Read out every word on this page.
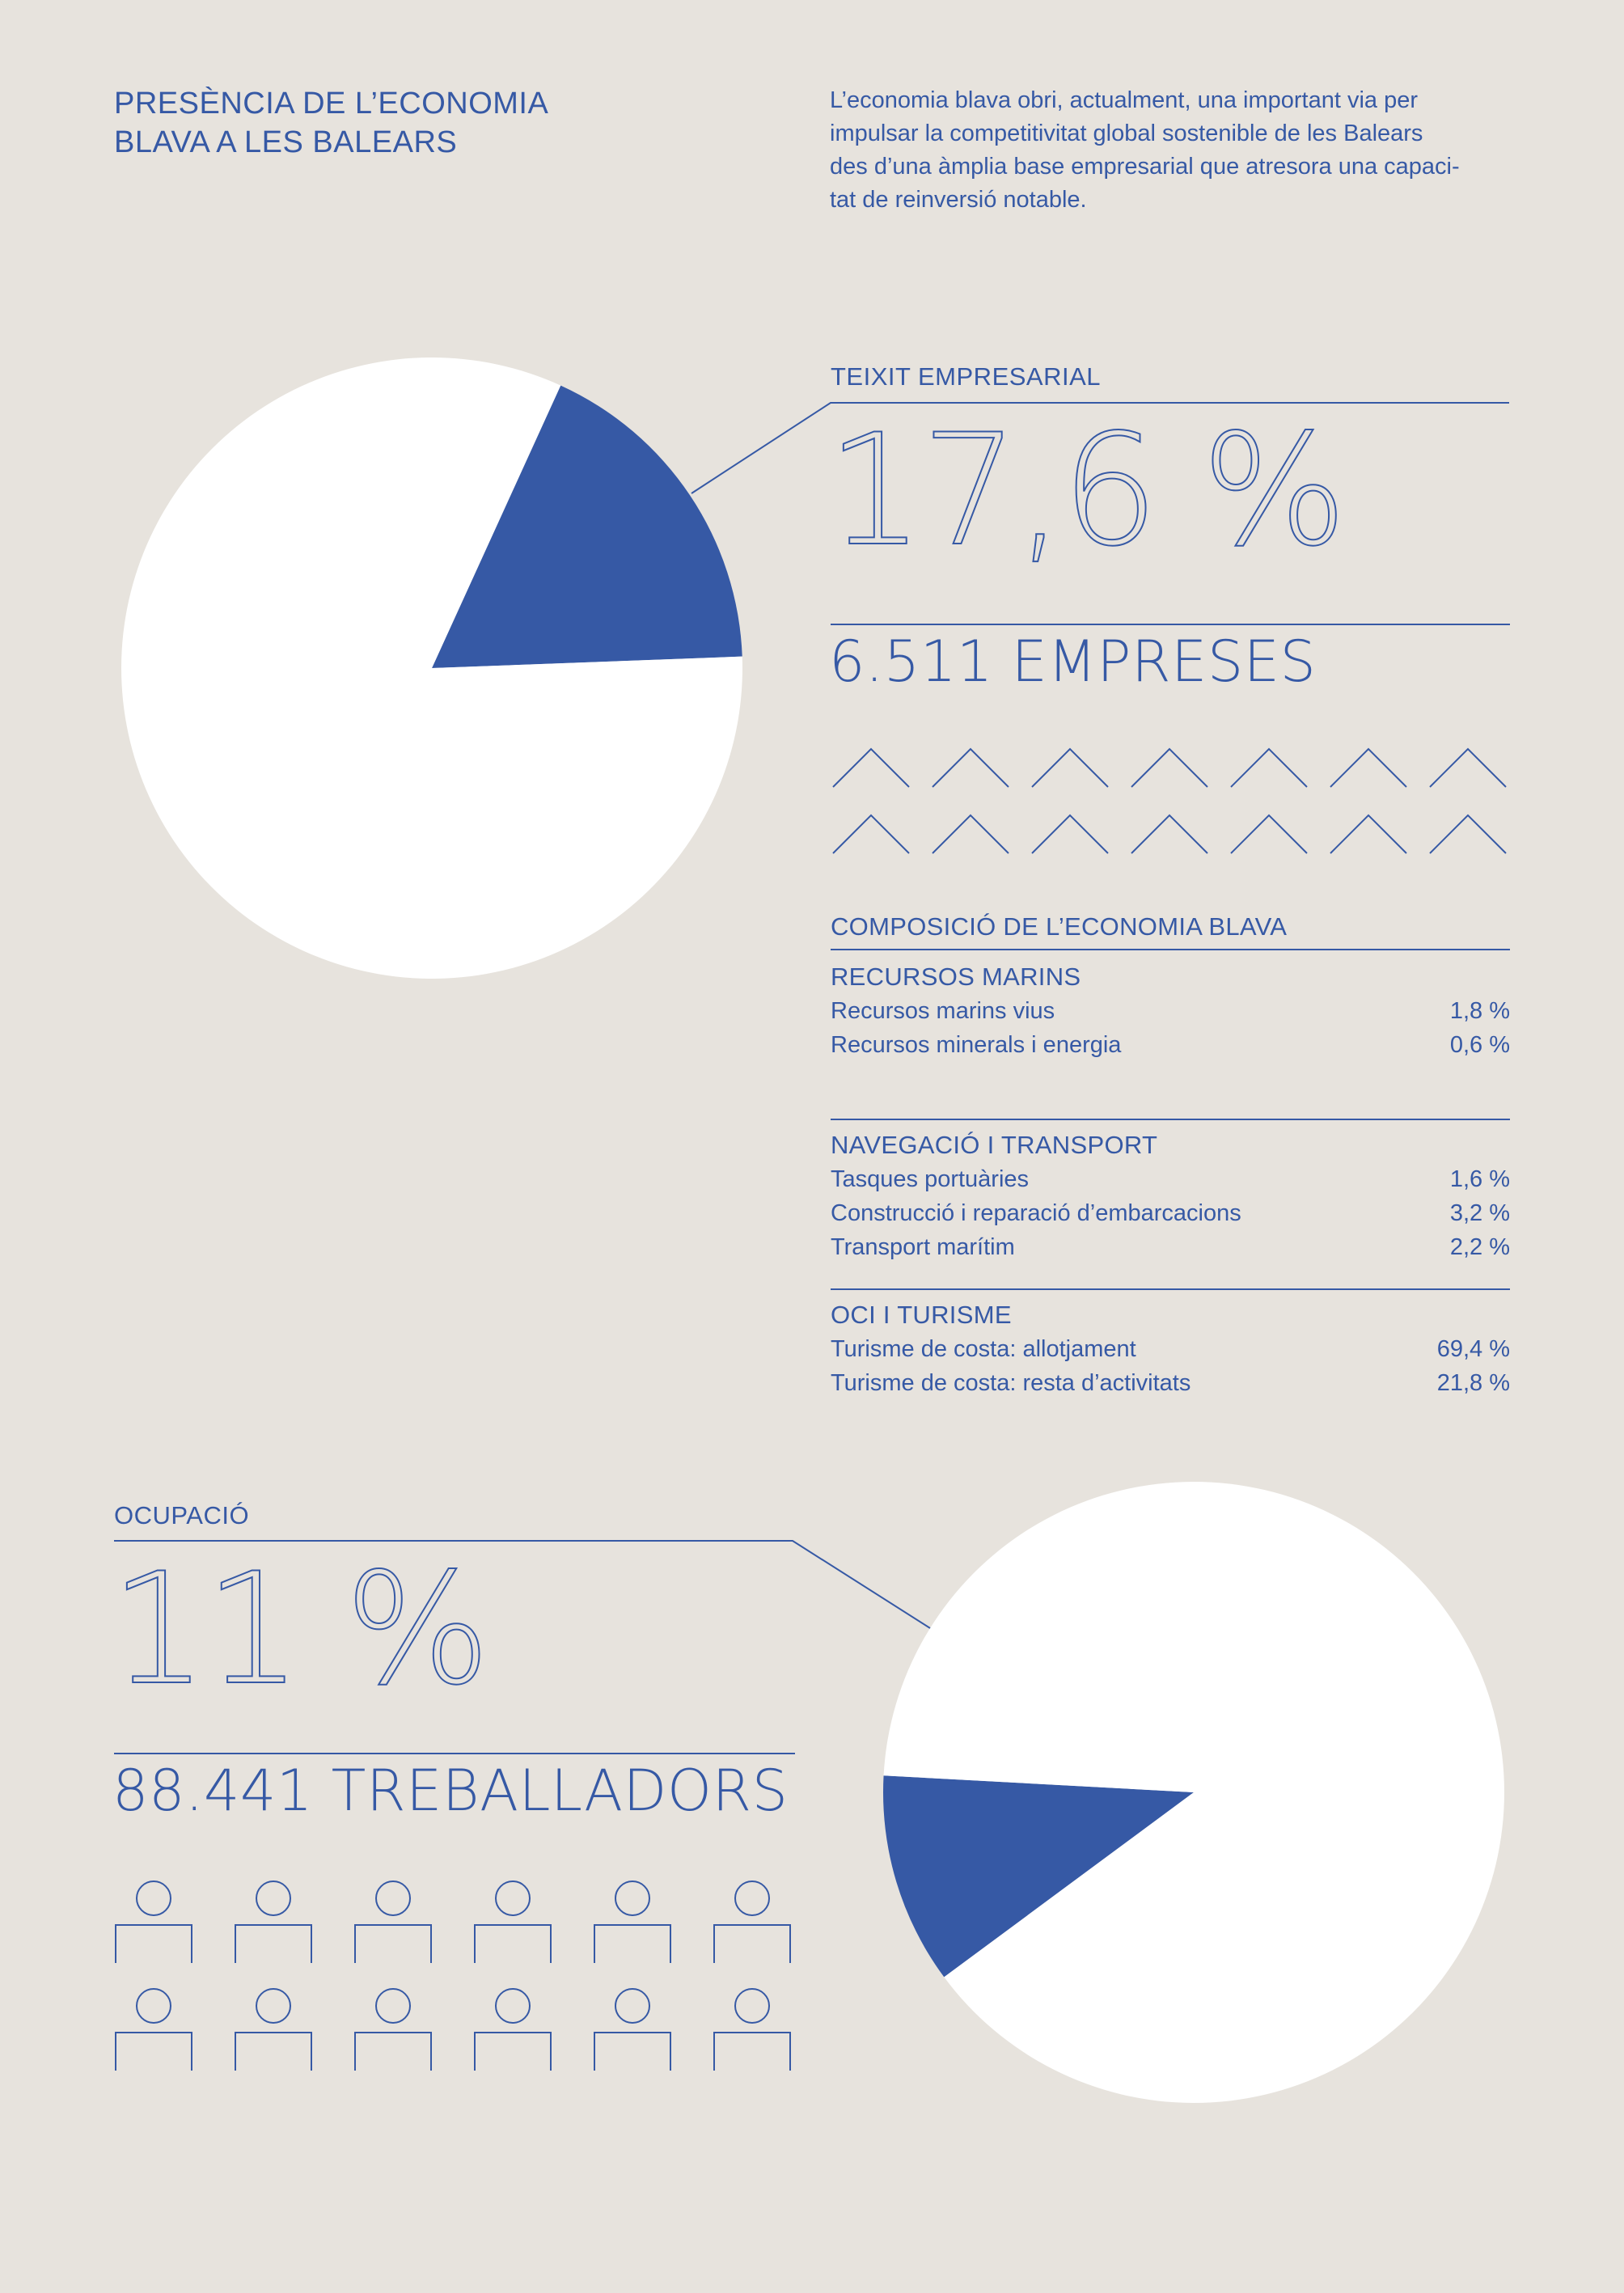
PRESÈNCIA DE L’ECONOMIA
BLAVA A LES BALEARS
L’economia blava obri, actualment, una important via per
impulsar la competitivitat global sostenible de les Balears
des d’una àmplia base empresarial que atresora una capaci-
tat de reinversió notable.
TEIXIT EMPRESARIAL
17,6 %
6.511 EMPRESES
COMPOSICIÓ DE L’ECONOMIA BLAVA
RECURSOS MARINS
Recursos marins vius	1,8 %
Recursos minerals i energia	0,6 %
NAVEGACIÓ I TRANSPORT
Tasques portuàries	1,6 %
Construcció i reparació d’embarcacions	3,2 %
Transport marítim	2,2 %
OCI I TURISME
Turisme de costa: allotjament	69,4 %
Turisme de costa: resta d’activitats	21,8 %
OCUPACIÓ
11 %
88.441 TREBALLADORS
